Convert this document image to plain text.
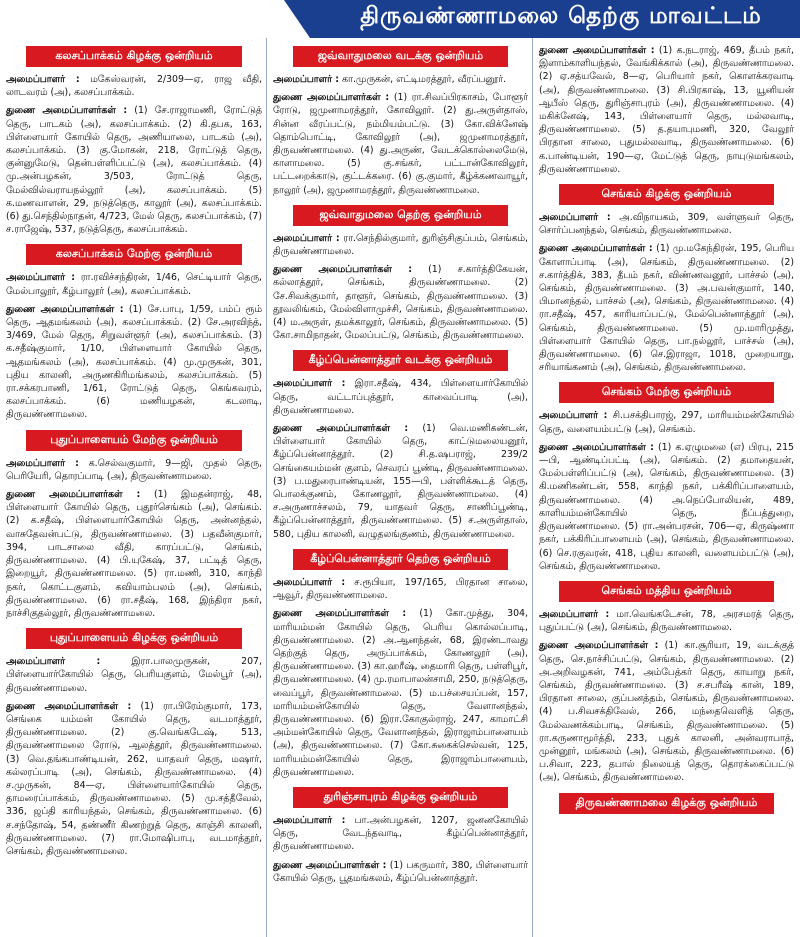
திருவண்ணாமலை தெற்கு மாவட்டம்
கலசப்பாக்கம் கிழக்கு ஒன்றியம்

அமைப்பாளர் : மகேஸ்வரன், 2/309—ஏ, ராஜ வீதி, லாடவரம் (அ), கலசப்பாக்கம்.

துணை அமைப்பாளர்கள் : (1) சே.ராஜாமணி, ரோட்டுத் தெரு, பாடகம் (அ), கலசப்பாக்கம். (2) கி.தபக, 163, பிள்ளையார் கோயில் தெரு, அணியாலை, பாடகம் (அ), கலசப்பாக்கம். (3) கு.மோகன், 218, ரோட்டுத் தெரு, குன்னுமேடு, தென்பள்ளிப்பட்டு (அ), கலசப்பாக்கம். (4) மு.அன்பழகன், 3/503, ரோட்டுத் தெரு, மேல்வில்வராயநல்லூர் (அ), கலசப்பாக்கம். (5) க.மணவாளன், 29, நடுத்தெரு, காலூர் (அ), கலசப்பாக்கம். (6) து.செந்தில்நாதன், 4/723, மேல் தெரு, கலசப்பாக்கம், (7) ச.ராஜேஷ், 537, நடுத்தெரு, கலசப்பாக்கம்.

கலசப்பாக்கம் மேற்கு ஒன்றியம்

அமைப்பாளர் : ரா.ரவிச்சந்திரன், 1/46, செட்டியார் தெரு, மேல்பாலூர், கீழ்பாலூர் (அ), கலசப்பாக்கம்.

துணை அமைப்பாளர்கள் : (1) சே.பாபு, 1/59, பம்ப் ரூம் தெரு, ஆதமங்கலம் (அ), கலசப்பாக்கம். (2) சே.அரவிந்த், 3/469, மேல் தெரு, சிறுவள்ளூர் (அ), கலசப்பாக்கம். (3) க.சதீஷ்குமார், 1/10, பிள்ளையார் கோயில் தெரு, ஆதமங்கலம் (அ), கலசப்பாக்கம். (4) மு.முருகன், 301, புதிய காலனி, அருணகிரிமங்கலம், கலசப்பாக்கம். (5) ரா.சக்கரபாணி, 1/61, ரோட்டுத் தெரு, கெங்கவரம், கலசப்பாக்கம். (6) மணியழகன், கடலாடி, திருவண்ணாமலை.

புதுப்பாளையம் மேற்கு ஒன்றியம்

அமைப்பாளர் : க.செல்வகுமார், 9—ஜி, முதல் தெரு, பெரியேரி, தொரப்பாடி (அ), திருவண்ணாமலை.

துணை அமைப்பாளர்கள் : (1) இமதன்ராஜ், 48, பிள்ளையார் கோயில் தெரு, புதூர்செங்கம் (அ), செங்கம். (2) க.சதீஷ், பிள்ளையார்கோயில் தெரு, அன்னந்தல், வாசுதேவன்பட்டு, திருவண்ணாமலை. (3) பதவீன்குமார், 394, பாடசாலை வீதி, காரப்பட்டு, செங்கம், திருவண்ணாமலை. (4) பி.யுகேஷ், 37, பட்டித் தெரு, இறையூர், திருவண்ணாமலை. (5) ரா.மணி, 310, காந்தி நகர், கொட்டகுளம், கவியாம்பலம் (அ), செங்கம், திருவண்ணாமலை. (6) ரா.சதீஷ், 168, இந்திரா நகர், நாச்சிகுதல்லூர், திருவண்ணாமலை.

புதுப்பாளையம் கிழக்கு ஒன்றியம்

அமைப்பாளர் :	இரா.பாலமுருகன், 207, பிள்ளையார்கோயில் தெரு, பெரியகுளம், மேல்பூர் (அ), திருவண்ணாமலை.

துணை அமைப்பாளர்கள் : (1) ரா.பிரேம்குமார், 173, செங்கை யம்மன் கோயில் தெரு, வடமாத்தூர், திருவண்ணாமலை. (2) கு.வெங்கடேஷ், 513, திருவண்ணாமலை ரோடு, ஆலத்தூர், திருவண்ணாமலை. (3) வெ.தங்கபாண்டியன், 262, யாதவர் தெரு, மஷார், கல்லரப்பாடி (அ), செங்கம், திருவண்ணாமலை. (4) ச.முருகன், 84—ஏ, பிள்ளையார்கோயில் தெரு, தாமரைப்பாக்கம், திருவண்ணாமலை. (5) மு.சத்தீவேல், 336, ஜப்தி காரியந்தல், செங்கம், திருவண்ணாமலை. (6) ச.சந்தோஷ், 54, தண்ணீர் கிணற்றுத் தெரு, காஞ்சி காலனி, திருவண்ணாமலை. (7) ரா.மோஷிபாபு, வடமாத்தூர், செங்கம், திருவண்ணாமலை.

ஜவ்வாதுமலை வடக்கு ஒன்றியம்

அமைப்பாளர் : கா.முருகன், எட்டிமரத்தூர், வீரப்பனூர்.

துணை அமைப்பாளர்கள் : (1) ரா.சிவப்பிரகாசம், போளூர் ரோடு, ஜமுனாமரத்தூர், கோவிலூர். (2) து.அருள்தாஸ், சின்ன வீரப்பட்டு, நம்மியம்பட்டு. (3) கோ.விக்னேஷ் தொம்பொட்டி, கோவிலூர் (அ), ஜமுனாமரத்தூர், திருவண்ணாமலை. (4) து.அருண், வேடக்கொல்லைமேடு, காளாமலை. (5) கு.சங்கர், பட்டான்கோவிலூர், பட்டறைக்காடு, குட்டக்கரை. (6) கு.குமார், கீழ்க்கணவாயூர், நாலூர் (அ), ஜமுனாமரத்தூர், திருவண்ணாமலை.

ஜவ்வாதுமலை தெற்கு ஒன்றியம்

அமைப்பாளர் : ரா.செந்தில்குமார், துரிஞ்சிகுப்பம், செங்கம், திருவண்ணாமலை.

துணை அமைப்பாளர்கள் : (1) ச.கார்த்திகேயன், கல்லாத்தூர், செங்கம், திருவண்ணாமலை. (2) சே.சிவக்குமார், தாளூர், செங்கம், திருவண்ணாமலை. (3) தூவலிங்கம், மேல்விளாமுச்சி, செங்கம், திருவண்ணாமலை. (4) ம.அருள், தமக்காலூர், செங்கம், திருவண்ணாமலை. (5) கோ.சாமிநாதன், மேலப்பட்டு, செங்கம், திருவண்ணாமலை.

கீழ்ப்பென்னாத்தூர் வடக்கு ஒன்றியம்

அமைப்பாளர் : இரா.சதீஷ், 434, பிள்ளையார்கோயில் தெரு, வட்டாப்புத்தூர், காவைப்பாடி (அ), திருவண்ணாமலை.

துணை அமைப்பாளர்கள் : (1) வெ.மணிகண்டன், பிள்ளையார் கோயில் தெரு, காட்டுமலையனூர், கீழ்ப்பென்னாத்தூர். (2) சி.த.ஷபராஜ், 239/2 செங்கையம்மன் குளம், செவரப் பூண்டி, திருவண்ணாமலை. (3) ப.மதுரைபாண்டியன், 155—பி, பள்ளிக்கூடத் தெரு, பொலக்குணம், கோணலூர், திருவண்ணாமலை. (4) ச.அருணாச்சலம், 79, யாதவர் தெரு, சாணிப்பூண்டி, கீழ்ப்பென்னாத்தூர், திருவண்ணாமலை. (5) ச.அருள்தாஸ், 580, புதிய காலனி, வழுதலங்குணம், திருவண்ணாமலை.

கீழ்ப்பென்னாத்தூர் தெற்கு ஒன்றியம்

அமைப்பாளர் : ச.ரூபியா, 197/165, பிரதான சாலை, ஆவூர், திருவண்ணாமலை.

துணை அமைப்பாளர்கள் : (1) கோ.முத்து, 304, மாரியம்மன் கோயில் தெரு, பெரிய கொல்லப்பாடி, திருவண்ணாமலை. (2) அ.ஆனந்தன், 68, இரண்டாவது தெற்குத் தெரு, அருப்பாக்கம், கோணலூர் (அ), திருவண்ணாமலை. (3) கா.ஹரீஷ், தைமாரி தெரு, பள்ளிபூர், திருவண்ணாமலை. (4) மு.ரமாபாலன்சாமி, 250, நடுத்தெரு, வைப்பூர், திருவண்ணாமலை. (5) ம.பச்சையப்பன், 157, மாரியம்மன்கோயில் தெரு, வேளானந்தல், திருவண்ணாமலை. (6) இரா.கோகுல்ராஜ், 247, காமாட்சி அம்மன்கோயில் தெரு, வேளானந்தல், இராஜாம்பாளையம் (அ), திருவண்ணாமலை. (7) கோ.சுகைக்செல்வன், 125, மாரியம்மன்கோயில் தெரு, இராஜாம்பாளையம், திருவண்ணாமலை.

துரிஞ்சாபுரம் கிழக்கு ஒன்றியம்

அமைப்பாளர் : பா.அன்பழகன், 1207, ஜனனகோயில் தெரு, வேடந்தவாடி, கீழ்ப்பென்னாத்தூர், திருவண்ணாமலை.

துணை அமைப்பாளர்கள் : (1) பகருமார், 380, பிள்ளையார் கோயில் தெரு, பூதமங்கலம், கீழ்ப்பென்னாத்தூர்.

துணை அமைப்பாளர்கள் : (1) க.நடராஜ், 469, தீபம் நகர், இளாம்காளியந்தல், வேங்கிக்கால் (அ), திருவண்ணாமலை. (2) ஏ.சத்யவேல், 8—ஏ, பெரியார் நகர், கொளக்கரவாடி (அ), திருவண்ணாமலை. (3) சி.பிரகாஷ், 13, யூனியன் ஆபீஸ் தெரு, துரிஞ்சாபுரம் (அ), திருவண்ணாமலை. (4) மகிக்னேஷ், 143, பிள்ளையார் தெரு, மல்லவாடி, திருவண்ணாமலை. (5) த.தயாபுமணி, 320, வேலூர் பிரதான சாலை, புதுமல்லவாடி, திருவண்ணாமலை. (6) க.பாண்டியன், 190—ஏ, மேட்டுத் தெரு, நாயுடுமங்கலம், திருவண்ணாமலை.

செங்கம் கிழக்கு ஒன்றியம்

அமைப்பாளர் : அ.விநாயகம், 309, வள்ளுவர் தெரு, சொர்ப்பனந்தல், செங்கம், திருவண்ணாமலை.

துணை அமைப்பாளர்கள் : (1) மு.மகேந்திரன், 195, பெரிய கோளாப்பாடி (அ), செங்கம், திருவண்ணாமலை. (2) ச.கார்த்திக், 383, தீபம் நகர், விண்ணவனூர், பாச்சல் (அ), செங்கம், திருவண்ணாமலை. (3) அ.பவன்குமார், 140, பிமானந்தல், பாச்சல் (அ), செங்கம், திருவண்ணாமலை. (4) ரா.சதீஷ், 457, காரியாப்பட்டு, மேல்பென்னாத்தூர் (அ), செங்கம், திருவண்ணாமலை. (5) மு.மாரிமுத்து, பிள்ளையார் கோயில் தெரு, பா.நல்லூர், பாச்சல் (அ), திருவண்ணாமலை. (6) செ.இராஜா, 1018, முறையாறு, சரியாங்கணம் (அ), செங்கம், திருவண்ணாமலை.

செங்கம் மேற்கு ஒன்றியம்

அமைப்பாளர் : சி.பசக்திபாரஜ், 297, மாரியம்மன்கோயில் தெரு, வளையம்பட்டு (அ), செங்கம்.

துணை அமைப்பாளர்கள் : (1) க.ஏழுமலை (எ) பிரபு, 215—பி, ஆண்டிப்பட்டி (அ), செங்கம். (2) தமாதையன், மேல்பள்ளிப்பட்டு (அ), செங்கம், திருவண்ணாமலை. (3) கி.மணிகண்டன், 558, காந்தி நகர், பக்கிரிப்பாளையம், திருவண்ணாமலை. (4) அ.நெப்போலியன், 489, காளியம்மன்கோயில் தெரு, நீப்பத்துறை, திருவண்ணாமலை. (5) ரா.அன்பரசன், 706—ஏ, கிருஷ்ணா நகர், பக்கிரிப்பாளையம் (அ), செங்கம், திருவண்ணாமலை. (6) செ.ரகுவரன், 418, புதிய காலனி, வளையம்பட்டு (அ), செங்கம், திருவண்ணாமலை.

செங்கம் மத்திய ஒன்றியம்

அமைப்பாளர் : மா.வெங்கடேசன், 78, அரசமரத் தெரு, புதுப்பட்டு (அ), செங்கம், திருவண்ணாமலை.

துணை அமைப்பாளர்கள் : (1) கா.சூரியா, 19, வடக்குத் தெரு, செ.நாச்சிப்பட்டு, செங்கம், திருவண்ணாமலை. (2) அ.அறிவழகன், 741, அம்பேத்கர் தெரு, காயாறு நகர், செங்கம், திருவண்ணாமலை. (3) ச.சபரீஷ் கான், 189, பிரதான சாலை, குப்பனத்தம், செங்கம், திருவண்ணாமலை. (4) ப.சிவசக்திவேல், 266, மந்தைவெளித் தெரு, மேல்வணக்கம்பாடி, செங்கம், திருவண்ணாமலை. (5) ரா.கருணாமூர்த்தி, 233, புதுக் காலனி, அன்வராபாத், முன்னூர், மங்கலம் (அ), செங்கம், திருவண்ணாமலை. (6) ப.சிவா, 223, தபால் நிலையத் தெரு, தொரக்கைப்பட்டு (அ), செங்கம், திருவண்ணாமலை.

திருவண்ணாமலை கிழக்கு ஒன்றியம்
